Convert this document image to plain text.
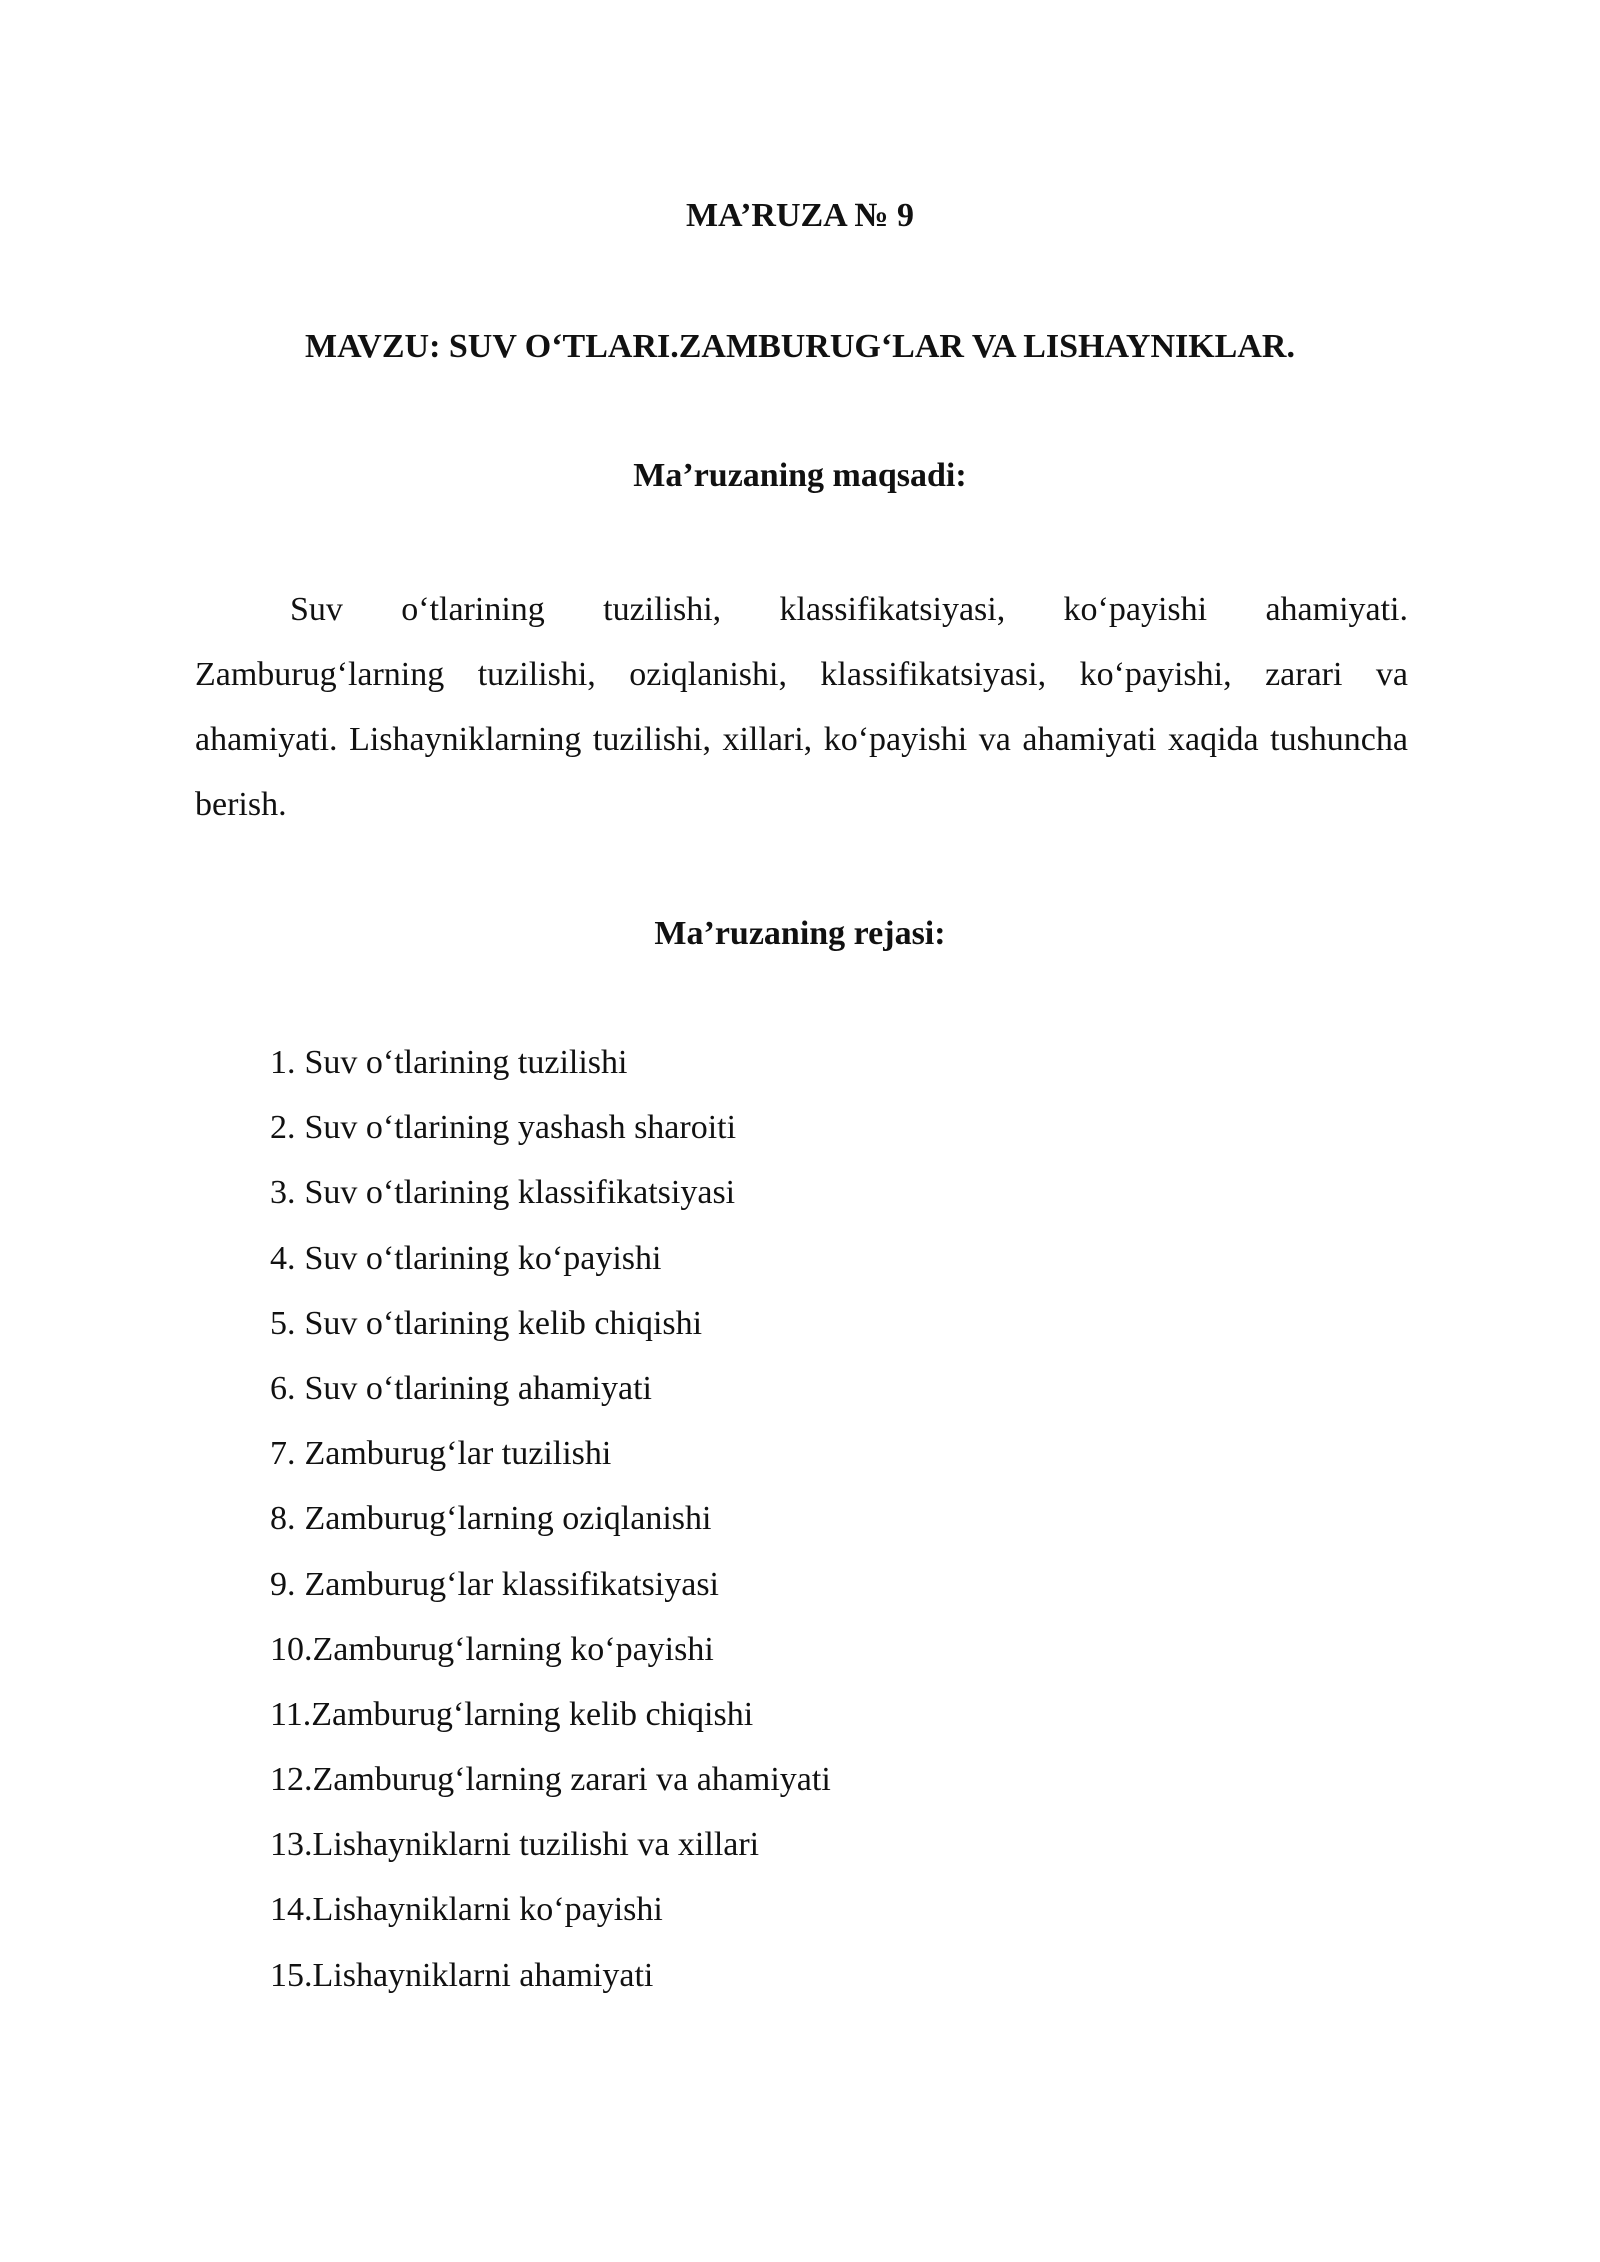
MA’RUZA № 9
MAVZU: SUV O‘TLARI.ZAMBURUG‘LAR VA LISHAYNIKLAR.
Ma’ruzaning maqsadi:

Suv o‘tlarining tuzilishi, klassifikatsiyasi, ko‘payishi ahamiyati. Zamburug‘larning tuzilishi, oziqlanishi, klassifikatsiyasi, ko‘payishi, zarari va ahamiyati. Lishayniklarning tuzilishi, xillari, ko‘payishi va ahamiyati xaqida tushuncha berish.

Ma’ruzaning rejasi:
1. Suv o‘tlarining tuzilishi
2. Suv o‘tlarining yashash sharoiti
3. Suv o‘tlarining klassifikatsiyasi
4. Suv o‘tlarining ko‘payishi
5. Suv o‘tlarining kelib chiqishi
6. Suv o‘tlarining ahamiyati
7. Zamburug‘lar tuzilishi
8. Zamburug‘larning oziqlanishi
9. Zamburug‘lar klassifikatsiyasi
10.Zamburug‘larning ko‘payishi
11.Zamburug‘larning kelib chiqishi
12.Zamburug‘larning zarari va ahamiyati
13.Lishayniklarni tuzilishi va xillari
14.Lishayniklarni ko‘payishi
15.Lishayniklarni ahamiyati
